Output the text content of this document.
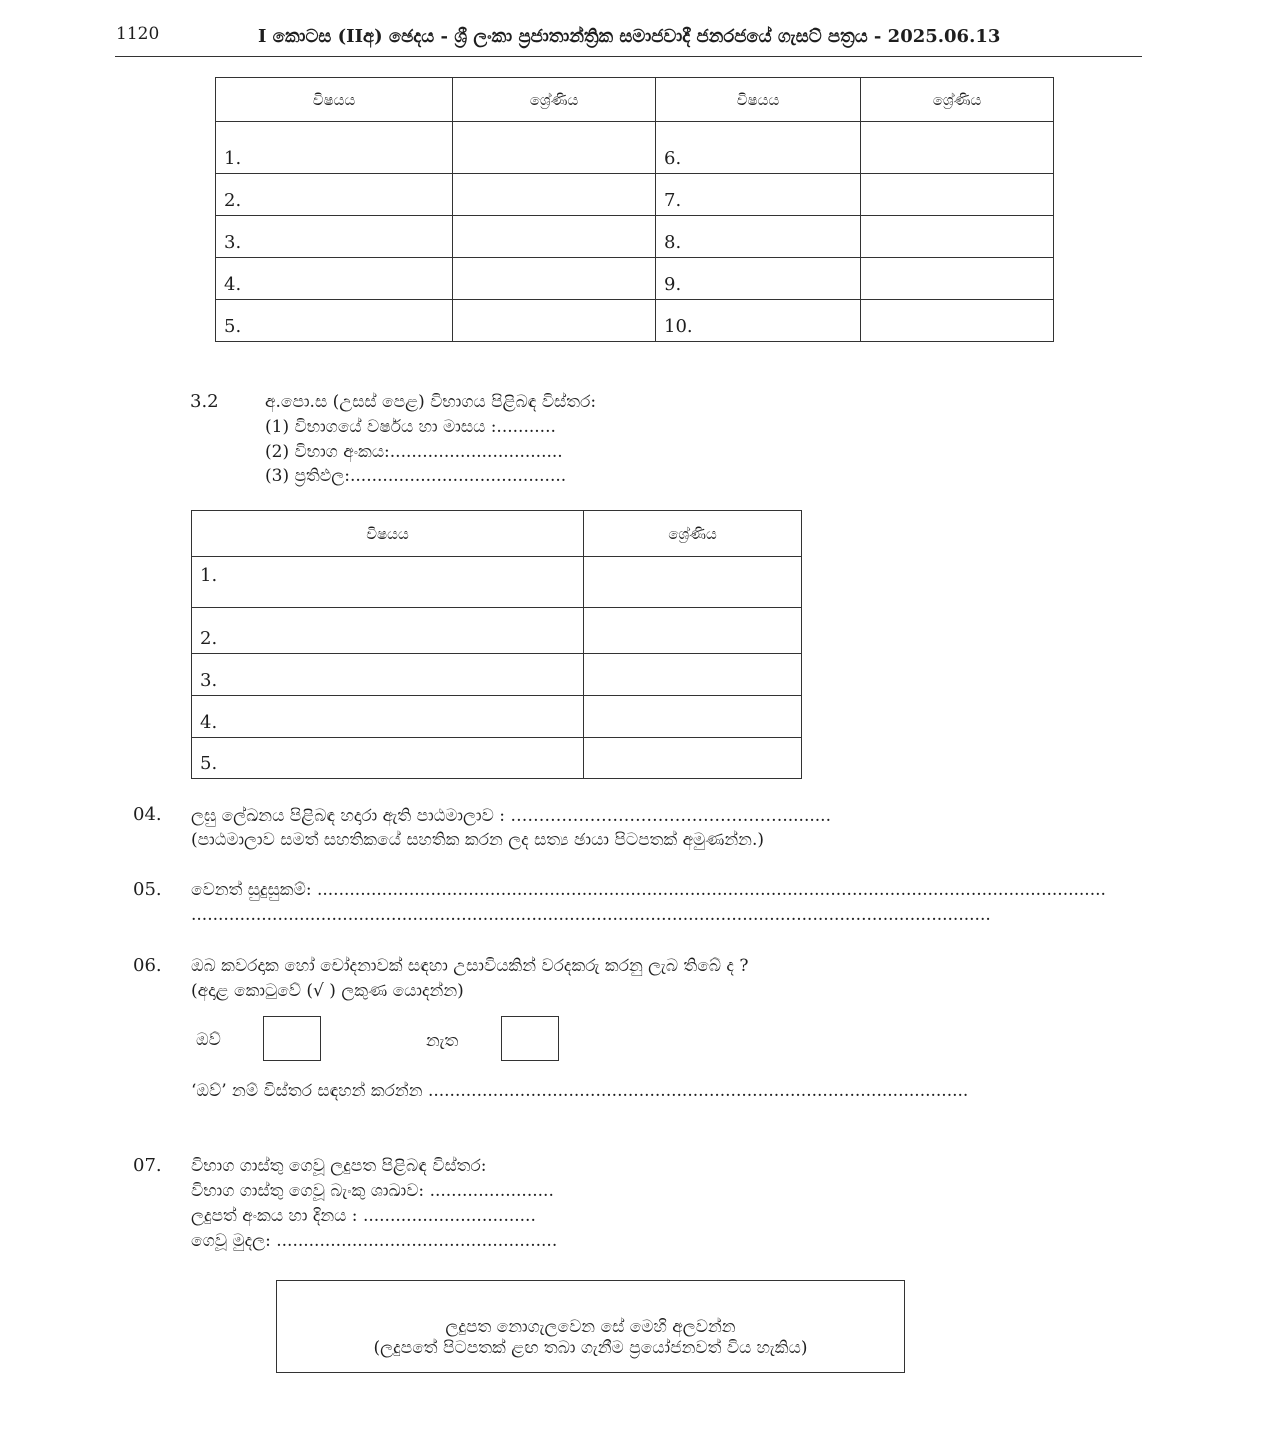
1120	I කොටස (IIඅ) ඡෙදය - ශ්‍රී ලංකා ප්‍රජාතාන්ත්‍රික සමාජවාදී ජනරජයේ ගැසට් පත්‍රය - 2025.06.13
විෂයය	ශ්‍රේණිය	විෂයය	ශ්‍රේණිය

1.		6.	

2.		7.	

3.		8.	

4.		9.	

5.		10.	

3.2	අ.පො.ස (උසස් පෙළ) විභාගය පිළිබඳ විස්තර:
(1) විභාගයේ වර්ෂය හා මාසය :...........
(2) විභාග අංකය:................................
(3) ප්‍රතිඵල:........................................
විෂයය	ශ්‍රේණිය

1.	

2.	

3.	

4.	

5.	

04. ලඝු ලේඛනය පිළිබඳ හදාරා ඇති පාඨමාලාව : ………………………………………….........
(පාඨමාලාව සමත් සහතිකයේ සහතික කරන ලද සත්‍ය ඡායා පිටපතක් අමුණන්න.)
05. වෙනත් සුදුසුකම්: ..................................................................................................................................................
....................................................................................................................................................
06. ඔබ කවරදාක හෝ චෝදනාවක් සඳහා උසාවියකින් වරදකරු කරනු ලැබ තිබේ ද ?
(අදාළ කොටුවේ (√ ) ලකුණ යොදන්න)
ඔව්	නැත
‘ඔව්’ නම් විස්තර සඳහන් කරන්න ....................................................................................................
07. විභාග ගාස්තු ගෙවූ ලදුපත පිළිබඳ විස්තර:
විභාග ගාස්තු ගෙවූ බැංකු ශාඛාව: .......................
ලදුපත් අංකය හා දිනය : ................................
ගෙවූ මුදල: ....................................................
ලදුපත නොගැලවෙන සේ මෙහි අලවන්න
(ලදුපතේ පිටපතක් ළඟ තබා ගැනීම ප්‍රයෝජනවත් විය හැකිය)
